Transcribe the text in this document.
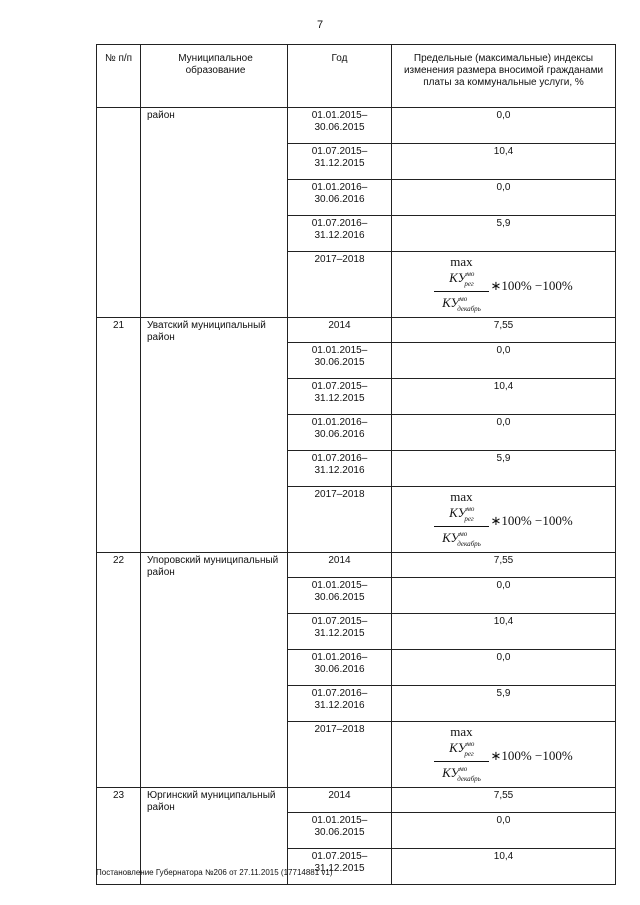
7
№ п/п	Муниципальное образование	Год	Предельные (максимальные) индексы изменения размера вносимой гражданами платы за коммунальные услуги, %
	район	01.01.2015–30.06.2015	0,0
		01.07.2015–31.12.2015	10,4
		01.01.2016–30.06.2016	0,0
		01.07.2016–31.12.2016	5,9
		2017–2018	$\frac{\max КУ^{мо}_{рег}}{КУ^{мо}_{декабрь}}$ ∗100% −100%
21	Уватский муниципальный район	2014	7,55
		01.01.2015–30.06.2015	0,0
		01.07.2015–31.12.2015	10,4
		01.01.2016–30.06.2016	0,0
		01.07.2016–31.12.2016	5,9
		2017–2018	$\frac{\max КУ^{мо}_{рег}}{КУ^{мо}_{декабрь}}$ ∗100% −100%
22	Упоровский муниципальный район	2014	7,55
		01.01.2015–30.06.2015	0,0
		01.07.2015–31.12.2015	10,4
		01.01.2016–30.06.2016	0,0
		01.07.2016–31.12.2016	5,9
		2017–2018	$\frac{\max КУ^{мо}_{рег}}{КУ^{мо}_{декабрь}}$ ∗100% −100%
23	Юргинский муниципальный район	2014	7,55
		01.01.2015–30.06.2015	0,0
		01.07.2015–31.12.2015	10,4
Постановление Губернатора №206 от 27.11.2015 (17714881 v1)
